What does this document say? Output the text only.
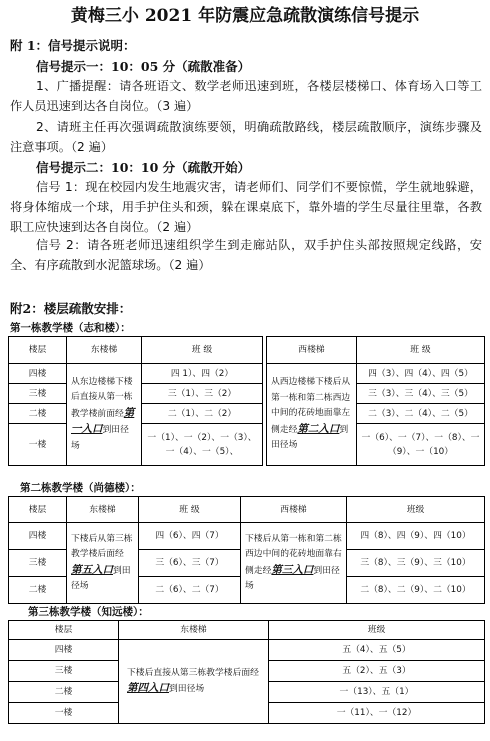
黄梅三小 2021 年防震应急疏散演练信号提示
附 1：信号提示说明：
信号提示一：10：05 分（疏散准备）
1、广播提醒：请各班语文、数学老师迅速到班，各楼层楼梯口、体育场入口等工作人员迅速到达各自岗位。（3 遍）
2、请班主任再次强调疏散演练要领，明确疏散路线，楼层疏散顺序，演练步骤及注意事项。（2 遍）
信号提示二：10：10 分（疏散开始）
信号 1：现在校园内发生地震灾害，请老师们、同学们不要惊慌，学生就地躲避，将身体缩成一个球，用手护住头和颈，躲在课桌底下，靠外墙的学生尽量往里靠，各教职工应快速到达各自岗位。（2 遍）
信号 2：请各班老师迅速组织学生到走廊站队，双手护住头部按照规定线路，安全、有序疏散到水泥篮球场。（2 遍）
附2：楼层疏散安排：
第一栋教学楼（志和楼）：
楼层	东楼梯	班 级		西楼梯	班 级
四楼	从东边楼梯下楼后直接从第一栋教学楼前面经第一入口到田径场	四 1）、四（2）		从西边楼梯下楼后从第一栋和第二栋西边中间的花砖地面靠左侧走经第二入口到田径场	四（3）、四（4）、四（5）
三楼		三（1）、三（2）			三（3）、三（4）、三（5）
二楼		二（1）、二（2）			二（3）、二（4）、二（5）
一楼		一（1）、一（2）、一（3）、一（4）、一（5）、			一（6）、一（7）、一（8）、一（9）、一（10）
第二栋教学楼（尚德楼）：
楼层	东楼梯	班 级	西楼梯	班级
四楼	下楼后从第三栋教学楼后面经第五入口到田径场	四（6）、四（7）	下楼后从第一栋和第二栋西边中间的花砖地面靠右侧走经第三入口到田径场	四（8）、四（9）、四（10）
三楼		三（6）、三（7）		三（8）、三（9）、三（10）
二楼		二（6）、二（7）		二（8）、二（9）、二（10）
第三栋教学楼（知远楼）：
楼层	东楼梯	班级
四楼	下楼后直接从第三栋教学楼后面经第四入口到田径场	五（4）、五（5）
三楼		五（2）、五（3）
二楼		一（13）、五（1）
一楼		一（11）、一（12）
